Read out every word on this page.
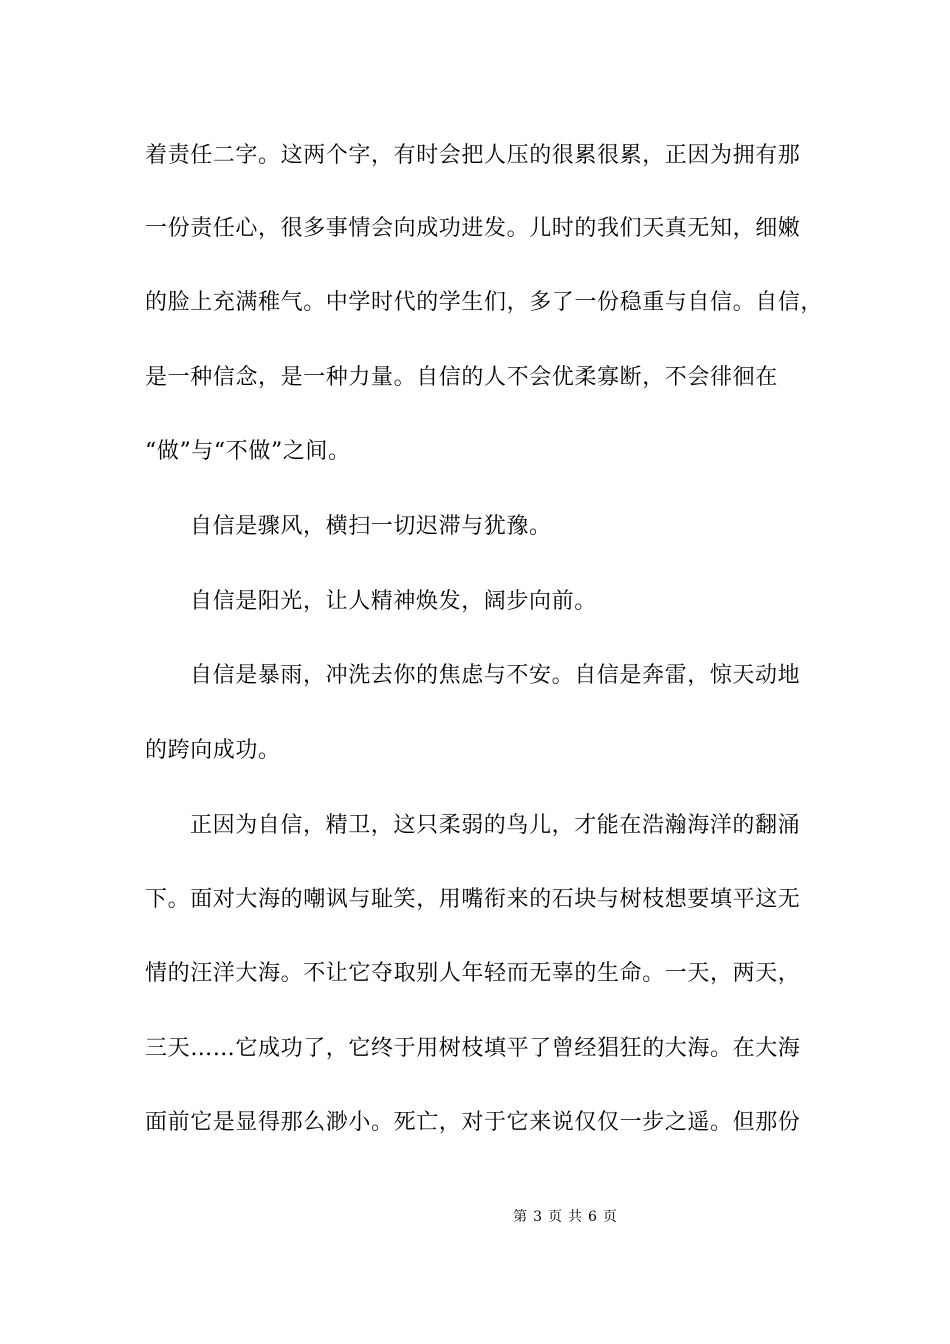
着责任二字。这两个字，有时会把人压的很累很累，正因为拥有那
一份责任心，很多事情会向成功进发。儿时的我们天真无知，细嫩
的脸上充满稚气。中学时代的学生们，多了一份稳重与自信。自信，
是一种信念，是一种力量。自信的人不会优柔寡断，不会徘徊在
“做”与“不做”之间。
自信是骤风，横扫一切迟滞与犹豫。
自信是阳光，让人精神焕发，阔步向前。
自信是暴雨，冲洗去你的焦虑与不安。自信是奔雷，惊天动地
的跨向成功。
正因为自信，精卫，这只柔弱的鸟儿，才能在浩瀚海洋的翻涌
下。面对大海的嘲讽与耻笑，用嘴衔来的石块与树枝想要填平这无
情的汪洋大海。不让它夺取别人年轻而无辜的生命。一天，两天，
三天……它成功了，它终于用树枝填平了曾经猖狂的大海。在大海
面前它是显得那么渺小。死亡，对于它来说仅仅一步之遥。但那份
第 3 页 共 6 页
